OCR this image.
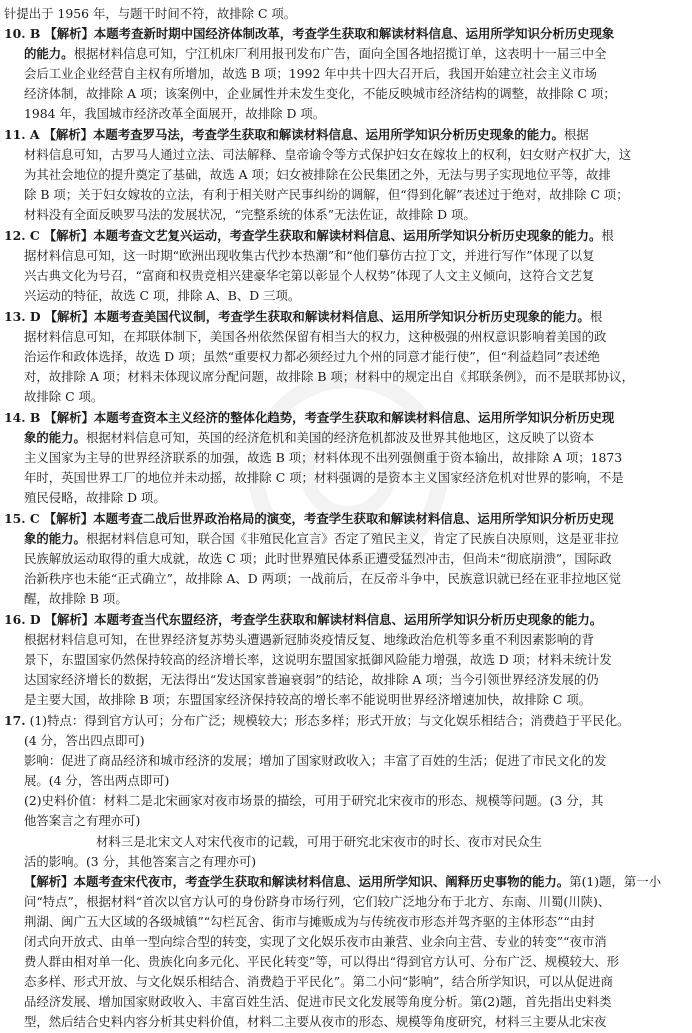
针提出于 1956 年，与题干时间不符，故排除 C 项。
10. B 【解析】本题考查新时期中国经济体制改革，考查学生获取和解读材料信息、运用所学知识分析历史现象
的能力。 根据材料信息可知，宁江机床厂利用报刊发布广告，面向全国各地招揽订单，这表明十一届三中全
会后工业企业经营自主权有所增加，故选 B 项；1992 年中共十四大召开后，我国开始建立社会主义市场
经济体制，故排除 A 项；该案例中，企业属性并未发生变化，不能反映城市经济结构的调整，故排除 C 项；
1984 年，我国城市经济改革全面展开，故排除 D 项。
11. A 【解析】本题考查罗马法，考查学生获取和解读材料信息、运用所学知识分析历史现象的能力。 根据
材料信息可知，古罗马人通过立法、司法解释、皇帝谕令等方式保护妇女在嫁妆上的权利，妇女财产权扩大，这
为其社会地位的提升奠定了基础，故选 A 项；妇女被排除在公民集团之外，无法与男子实现地位平等，故排
除 B 项；关于妇女嫁妆的立法，有利于相关财产民事纠纷的调解，但“得到化解”表述过于绝对，故排除 C 项；
材料没有全面反映罗马法的发展状况，“完整系统的体系”无法佐证，故排除 D 项。
12. C 【解析】本题考查文艺复兴运动，考查学生获取和解读材料信息、运用所学知识分析历史现象的能力。 根
据材料信息可知，这一时期“欧洲出现收集古代抄本热潮”和“他们摹仿古拉丁文，并进行写作”体现了以复
兴古典文化为号召，“富商和权贵竞相兴建豪华宅第以彰显个人权势”体现了人文主义倾向，这符合文艺复
兴运动的特征，故选 C 项，排除 A、B、D 三项。
13. D 【解析】本题考查美国代议制，考查学生获取和解读材料信息、运用所学知识分析历史现象的能力。 根
据材料信息可知，在邦联体制下，美国各州依然保留有相当大的权力，这种极强的州权意识影响着美国的政
治运作和政体选择，故选 D 项；虽然“重要权力都必须经过九个州的同意才能行使”，但“利益趋同”表述绝
对，故排除 A 项；材料未体现议席分配问题，故排除 B 项；材料中的规定出自《邦联条例》，而不是联邦协议，
故排除 C 项。
14. B 【解析】本题考查资本主义经济的整体化趋势，考查学生获取和解读材料信息、运用所学知识分析历史现
象的能力。 根据材料信息可知，英国的经济危机和美国的经济危机都波及世界其他地区，这反映了以资本
主义国家为主导的世界经济联系的加强，故选 B 项；材料体现不出列强侧重于资本输出，故排除 A 项；1873
年时，英国世界工厂的地位并未动摇，故排除 C 项；材料强调的是资本主义国家经济危机对世界的影响，不是
殖民侵略，故排除 D 项。
15. C 【解析】本题考查二战后世界政治格局的演变，考查学生获取和解读材料信息、运用所学知识分析历史现
象的能力。 根据材料信息可知，联合国《非殖民化宣言》否定了殖民主义，肯定了民族自决原则，这是亚非拉
民族解放运动取得的重大成就，故选 C 项；此时世界殖民体系正遭受猛烈冲击，但尚未“彻底崩溃”，国际政
治新秩序也未能“正式确立”，故排除 A、D 两项；一战前后，在反帝斗争中，民族意识就已经在亚非拉地区觉
醒，故排除 B 项。
16. D 【解析】本题考查当代东盟经济，考查学生获取和解读材料信息、运用所学知识分析历史现象的能力。
根据材料信息可知，在世界经济复苏势头遭遇新冠肺炎疫情反复、地缘政治危机等多重不利因素影响的背
景下，东盟国家仍然保持较高的经济增长率，这说明东盟国家抵御风险能力增强，故选 D 项；材料未统计发
达国家经济增长的数据，无法得出“发达国家普遍衰弱”的结论，故排除 A 项；当今引领世界经济发展的仍
是主要大国，故排除 B 项；东盟国家经济保持较高的增长率不能说明世界经济增速加快，故排除 C 项。
17. (1)特点：得到官方认可；分布广泛；规模较大；形态多样；形式开放；与文化娱乐相结合；消费趋于平民化。
(4 分，答出四点即可)
影响：促进了商品经济和城市经济的发展；增加了国家财政收入；丰富了百姓的生活；促进了市民文化的发
展。(4 分，答出两点即可)
(2)史料价值：材料二是北宋画家对夜市场景的描绘，可用于研究北宋夜市的形态、规模等问题。(3 分，其
他答案言之有理亦可)
材料三是北宋文人对宋代夜市的记载，可用于研究北宋夜市的时长、夜市对民众生
活的影响。(3 分，其他答案言之有理亦可)
【解析】本题考查宋代夜市，考查学生获取和解读材料信息、运用所学知识、阐释历史事物的能力。 第(1)题，第一小
问“特点”，根据材料“首次以官方认可的身份跻身市场行列，它们较广泛地分布于北方、东南、川蜀(川陕)、
荆湖、闽广五大区域的各级城镇”“勾栏瓦舍、街市与摊贩成为与传统夜市形态并驾齐驱的主体形态”“由封
闭式向开放式、由单一型向综合型的转变，实现了文化娱乐夜市由兼营、业余向主营、专业的转变”“夜市消
费人群由相对单一化、贵族化向多元化、平民化转变”等，可以得出“得到官方认可、分布广泛、规模较大、形
态多样、形式开放、与文化娱乐相结合、消费趋于平民化”。 第二小问“影响”，结合所学知识，可以从促进商
品经济发展、增加国家财政收入、丰富百姓生活、促进市民文化发展等角度分析。 第(2)题，首先指出史料类
型，然后结合史料内容分析其史料价值，材料二主要从夜市的形态、规模等角度研究，材料三主要从北宋夜
